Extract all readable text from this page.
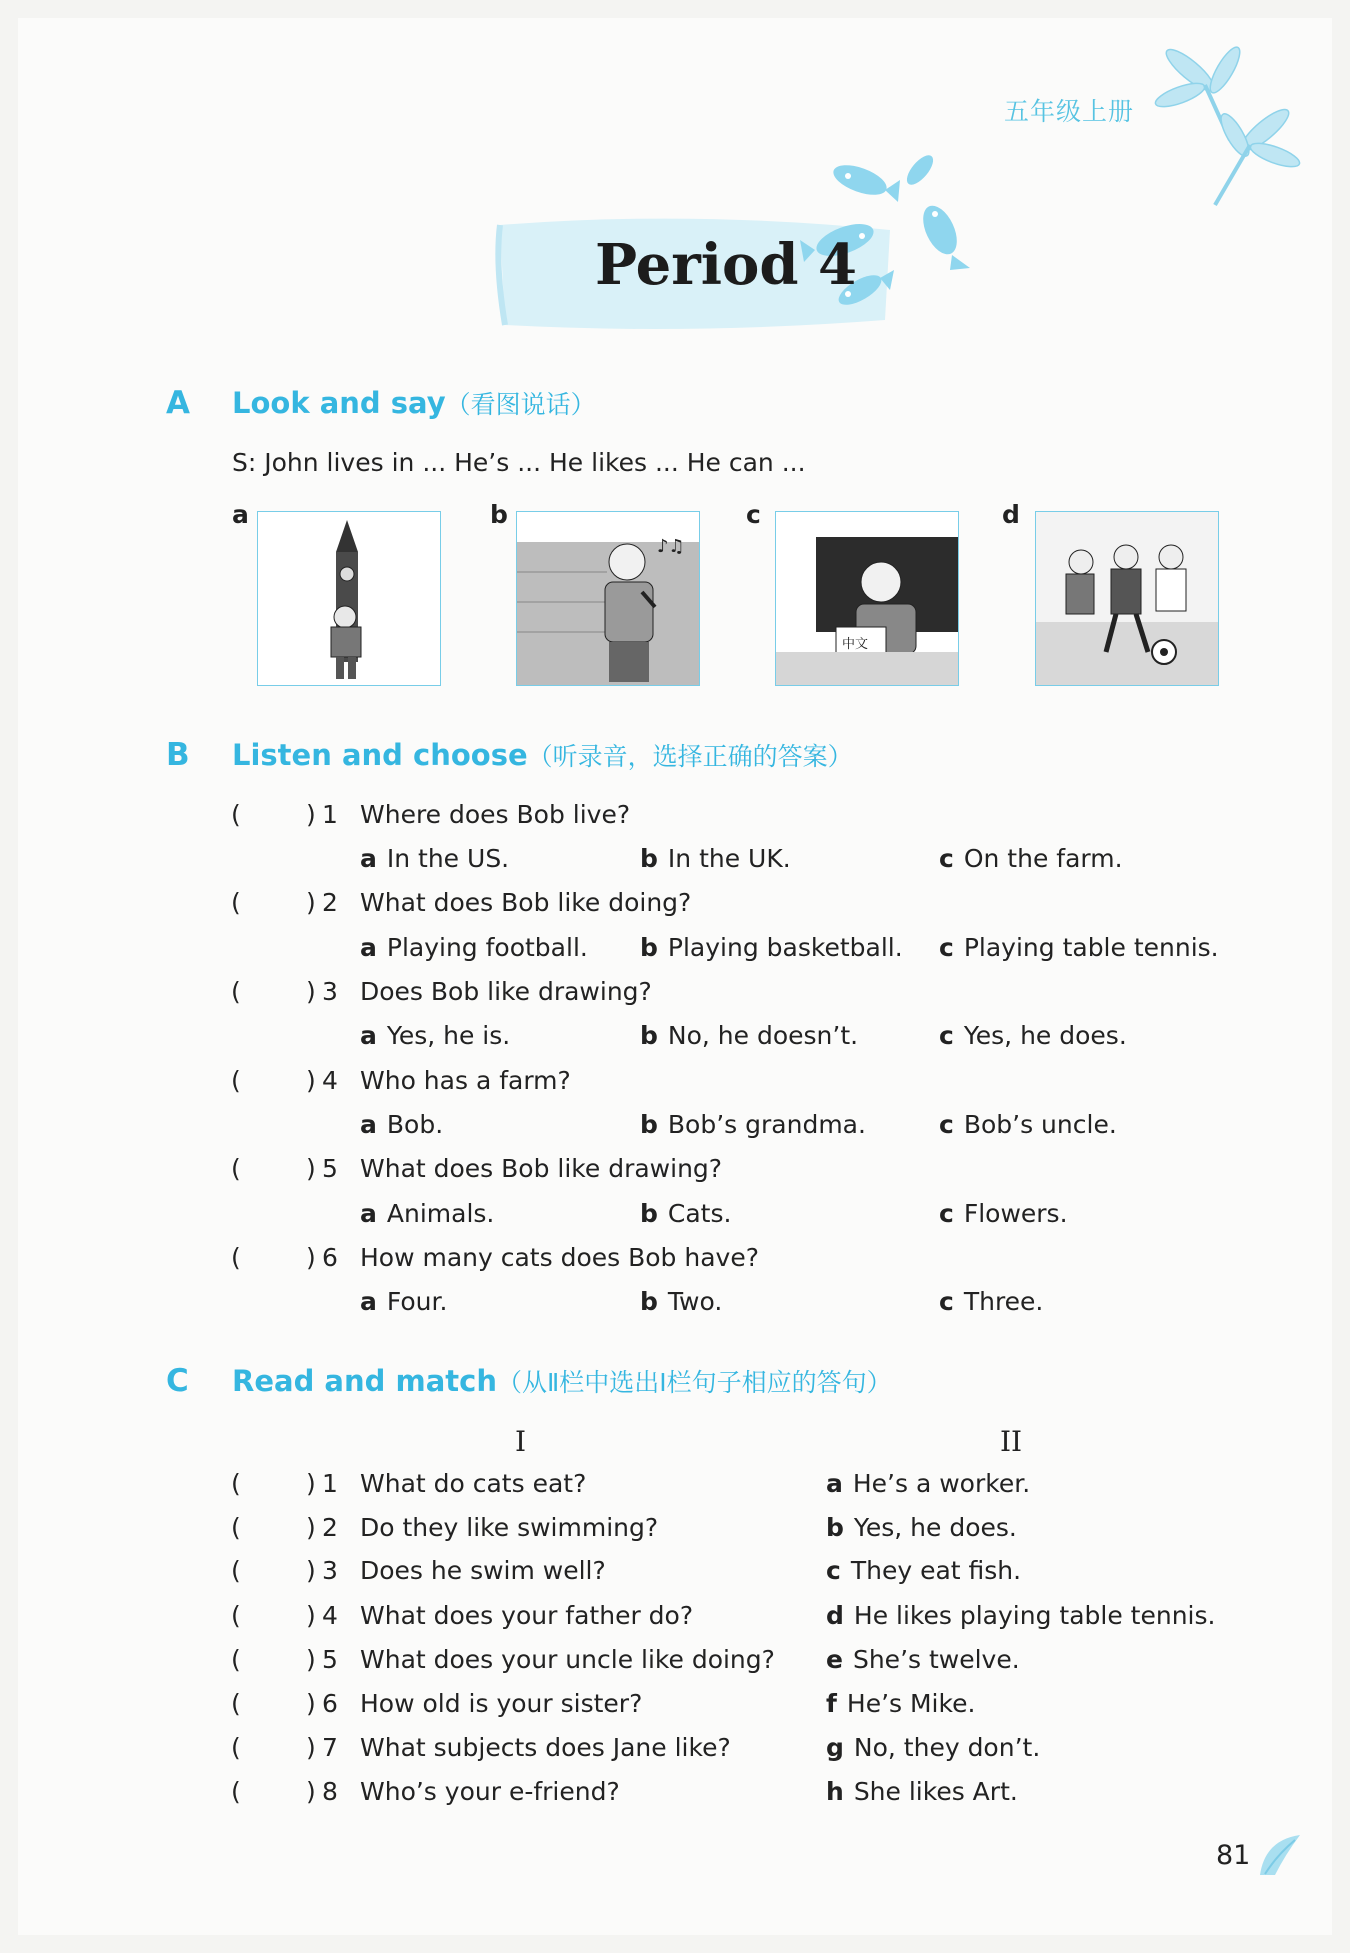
五年级上册
Period 4
A Look and say（看图说话）
S: John lives in ... He’s ... He likes ... He can ...
a	b
♪♫
c
中文
d
B Listen and choose（听录音，选择正确的答案）
(	) 1 Where does Bob live?
a In the US.	b In the UK.	c On the farm.
(	) 2 What does Bob like doing?
a Playing football. b Playing basketball. c Playing table tennis.
(	) 3 Does Bob like drawing?
a Yes, he is.	b No, he doesn’t.	c Yes, he does.
(	) 4 Who has a farm?
a Bob.	b Bob’s grandma.	c Bob’s uncle.
(	) 5 What does Bob like drawing?
a Animals.	b Cats.	c Flowers.
(	) 6 How many cats does Bob have?
a Four.	b Two.	c Three.
C Read and match（从Ⅱ栏中选出Ⅰ栏句子相应的答句）
I	II
(	) 1 What do cats eat?	a He’s a worker.
(	) 2 Do they like swimming?	b Yes, he does.
(	) 3 Does he swim well?	c They eat fish.
(	) 4 What does your father do?	d He likes playing table tennis.
(	) 5 What does your uncle like doing? e She’s twelve.
(	) 6 How old is your sister?	f He’s Mike.
(	) 7 What subjects does Jane like?	g No, they don’t.
(	) 8 Who’s your e-friend?	h She likes Art.
81
